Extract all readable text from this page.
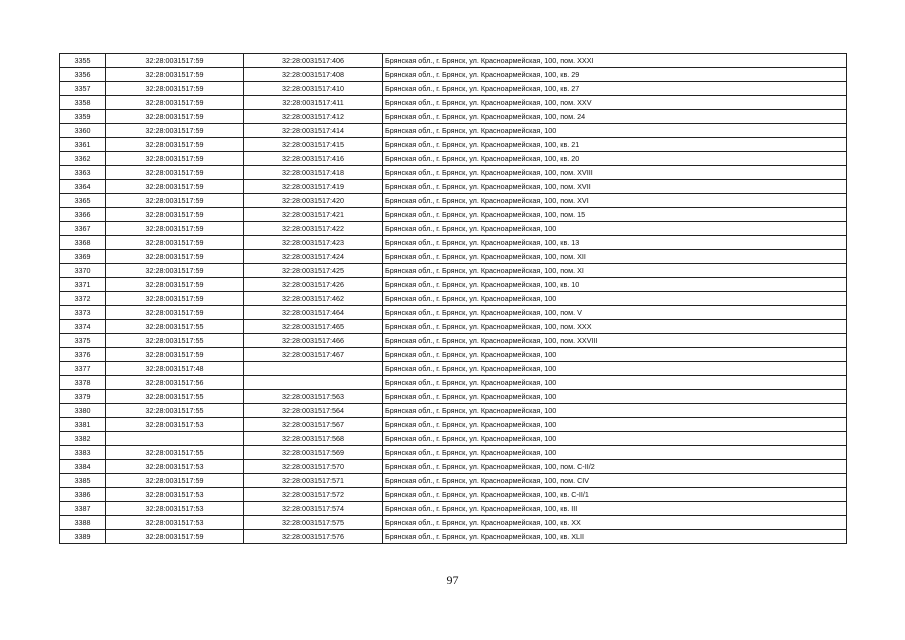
3355	32:28:0031517:59	32:28:0031517:406	Брянская обл., г. Брянск, ул. Красноармейская, 100, пом. XXXI
3356	32:28:0031517:59	32:28:0031517:408	Брянская обл., г. Брянск, ул. Красноармейская, 100, кв. 29
3357	32:28:0031517:59	32:28:0031517:410	Брянская обл., г. Брянск, ул. Красноармейская, 100, кв. 27
3358	32:28:0031517:59	32:28:0031517:411	Брянская обл., г. Брянск, ул. Красноармейская, 100, пом. XXV
3359	32:28:0031517:59	32:28:0031517:412	Брянская обл., г. Брянск, ул. Красноармейская, 100, пом. 24
3360	32:28:0031517:59	32:28:0031517:414	Брянская обл., г. Брянск, ул. Красноармейская, 100
3361	32:28:0031517:59	32:28:0031517:415	Брянская обл., г. Брянск, ул. Красноармейская, 100, кв. 21
3362	32:28:0031517:59	32:28:0031517:416	Брянская обл., г. Брянск, ул. Красноармейская, 100, кв. 20
3363	32:28:0031517:59	32:28:0031517:418	Брянская обл., г. Брянск, ул. Красноармейская, 100, пом. XVIII
3364	32:28:0031517:59	32:28:0031517:419	Брянская обл., г. Брянск, ул. Красноармейская, 100, пом. XVII
3365	32:28:0031517:59	32:28:0031517:420	Брянская обл., г. Брянск, ул. Красноармейская, 100, пом. XVI
3366	32:28:0031517:59	32:28:0031517:421	Брянская обл., г. Брянск, ул. Красноармейская, 100, пом. 15
3367	32:28:0031517:59	32:28:0031517:422	Брянская обл., г. Брянск, ул. Красноармейская, 100
3368	32:28:0031517:59	32:28:0031517:423	Брянская обл., г. Брянск, ул. Красноармейская, 100, кв. 13
3369	32:28:0031517:59	32:28:0031517:424	Брянская обл., г. Брянск, ул. Красноармейская, 100, пом. XII
3370	32:28:0031517:59	32:28:0031517:425	Брянская обл., г. Брянск, ул. Красноармейская, 100, пом. XI
3371	32:28:0031517:59	32:28:0031517:426	Брянская обл., г. Брянск, ул. Красноармейская, 100, кв. 10
3372	32:28:0031517:59	32:28:0031517:462	Брянская обл., г. Брянск, ул. Красноармейская, 100
3373	32:28:0031517:59	32:28:0031517:464	Брянская обл., г. Брянск, ул. Красноармейская, 100, пом. V
3374	32:28:0031517:55	32:28:0031517:465	Брянская обл., г. Брянск, ул. Красноармейская, 100, пом. XXX
3375	32:28:0031517:55	32:28:0031517:466	Брянская обл., г. Брянск, ул. Красноармейская, 100, пом. XXVIII
3376	32:28:0031517:59	32:28:0031517:467	Брянская обл., г. Брянск, ул. Красноармейская, 100
3377	32:28:0031517:48		Брянская обл., г. Брянск, ул. Красноармейская, 100
3378	32:28:0031517:56		Брянская обл., г. Брянск, ул. Красноармейская, 100
3379	32:28:0031517:55	32:28:0031517:563	Брянская обл., г. Брянск, ул. Красноармейская, 100
3380	32:28:0031517:55	32:28:0031517:564	Брянская обл., г. Брянск, ул. Красноармейская, 100
3381	32:28:0031517:53	32:28:0031517:567	Брянская обл., г. Брянск, ул. Красноармейская, 100
3382		32:28:0031517:568	Брянская обл., г. Брянск, ул. Красноармейская, 100
3383	32:28:0031517:55	32:28:0031517:569	Брянская обл., г. Брянск, ул. Красноармейская, 100
3384	32:28:0031517:53	32:28:0031517:570	Брянская обл., г. Брянск, ул. Красноармейская, 100, пом. С-II/2
3385	32:28:0031517:59	32:28:0031517:571	Брянская обл., г. Брянск, ул. Красноармейская, 100, пом. CIV
3386	32:28:0031517:53	32:28:0031517:572	Брянская обл., г. Брянск, ул. Красноармейская, 100, кв. С-II/1
3387	32:28:0031517:53	32:28:0031517:574	Брянская обл., г. Брянск, ул. Красноармейская, 100, кв. III
3388	32:28:0031517:53	32:28:0031517:575	Брянская обл., г. Брянск, ул. Красноармейская, 100, кв. XX
3389	32:28:0031517:59	32:28:0031517:576	Брянская обл., г. Брянск, ул. Красноармейская, 100, кв. XLII
97
